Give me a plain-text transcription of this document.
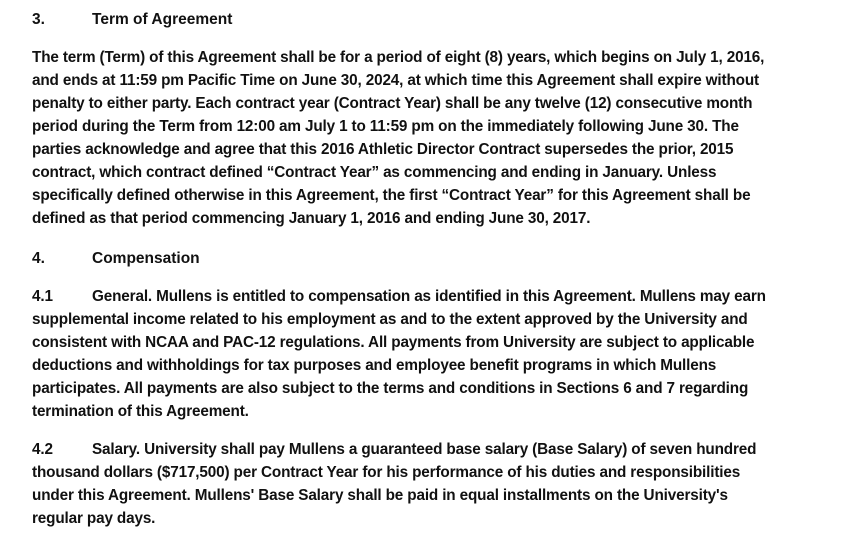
3.	Term of Agreement
The term (Term) of this Agreement shall be for a period of eight (8) years, which begins on July 1, 2016,
and ends at 11:59 pm Pacific Time on June 30, 2024, at which time this Agreement shall expire without
penalty to either party. Each contract year (Contract Year) shall be any twelve (12) consecutive month
period during the Term from 12:00 am July 1 to 11:59 pm on the immediately following June 30. The
parties acknowledge and agree that this 2016 Athletic Director Contract supersedes the prior, 2015
contract, which contract defined “Contract Year” as commencing and ending in January. Unless
specifically defined otherwise in this Agreement, the first “Contract Year” for this Agreement shall be
defined as that period commencing January 1, 2016 and ending June 30, 2017.
4.	Compensation
4.1	General. Mullens is entitled to compensation as identified in this Agreement. Mullens may earn
supplemental income related to his employment as and to the extent approved by the University and
consistent with NCAA and PAC-12 regulations. All payments from University are subject to applicable
deductions and withholdings for tax purposes and employee benefit programs in which Mullens
participates. All payments are also subject to the terms and conditions in Sections 6 and 7 regarding
termination of this Agreement.
4.2	Salary. University shall pay Mullens a guaranteed base salary (Base Salary) of seven hundred
thousand dollars ($717,500) per Contract Year for his performance of his duties and responsibilities
under this Agreement. Mullens' Base Salary shall be paid in equal installments on the University's
regular pay days.
